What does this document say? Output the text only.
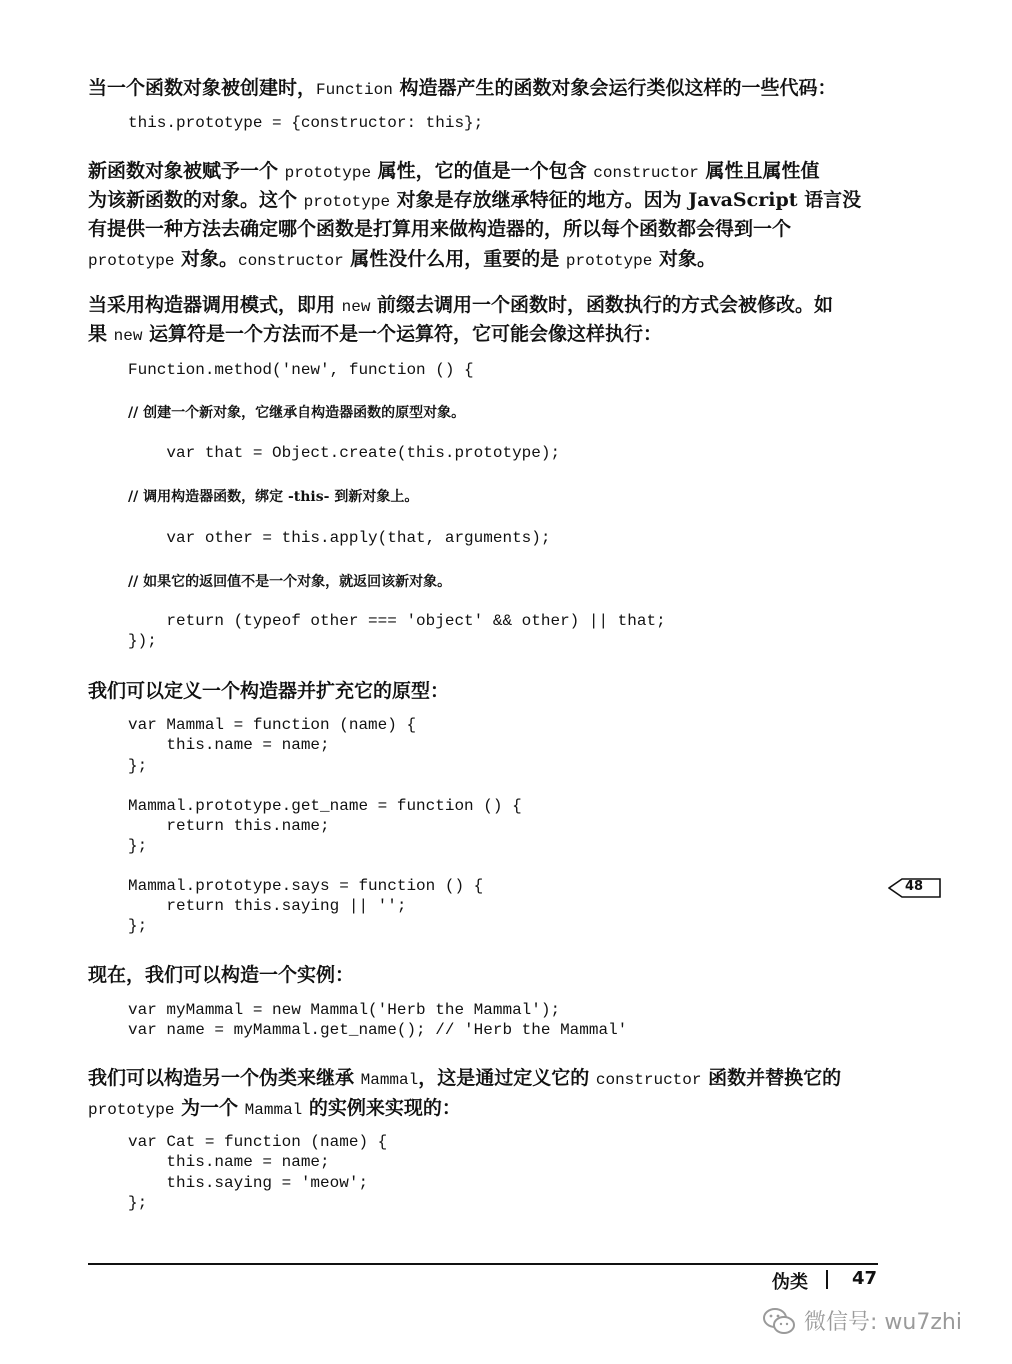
当一个函数对象被创建时，Function 构造器产生的函数对象会运行类似这样的一些代码：
this.prototype = {constructor: this};
新函数对象被赋予一个 prototype 属性，它的值是一个包含 constructor 属性且属性值
为该新函数的对象。这个 prototype 对象是存放继承特征的地方。因为 JavaScript 语言没
有提供一种方法去确定哪个函数是打算用来做构造器的，所以每个函数都会得到一个
prototype 对象。constructor 属性没什么用，重要的是 prototype 对象。
当采用构造器调用模式，即用 new 前缀去调用一个函数时，函数执行的方式会被修改。如
果 new 运算符是一个方法而不是一个运算符，它可能会像这样执行：
Function.method('new', function () {
// 创建一个新对象，它继承自构造器函数的原型对象。
var that = Object.create(this.prototype);
// 调用构造器函数，绑定 -this- 到新对象上。
var other = this.apply(that, arguments);
// 如果它的返回值不是一个对象，就返回该新对象。
return (typeof other === 'object' && other) || that;
});
我们可以定义一个构造器并扩充它的原型：
var Mammal = function (name) {
this.name = name;
};
Mammal.prototype.get_name = function () {
return this.name;
};
Mammal.prototype.says = function () {
return this.saying || '';
};
48
现在，我们可以构造一个实例：
var myMammal = new Mammal('Herb the Mammal');
var name = myMammal.get_name(); // 'Herb the Mammal'
我们可以构造另一个伪类来继承 Mammal，这是通过定义它的 constructor 函数并替换它的
prototype 为一个 Mammal 的实例来实现的：
var Cat = function (name) {
this.name = name;
this.saying = 'meow';
};
伪类 47
微信号: wu7zhi
